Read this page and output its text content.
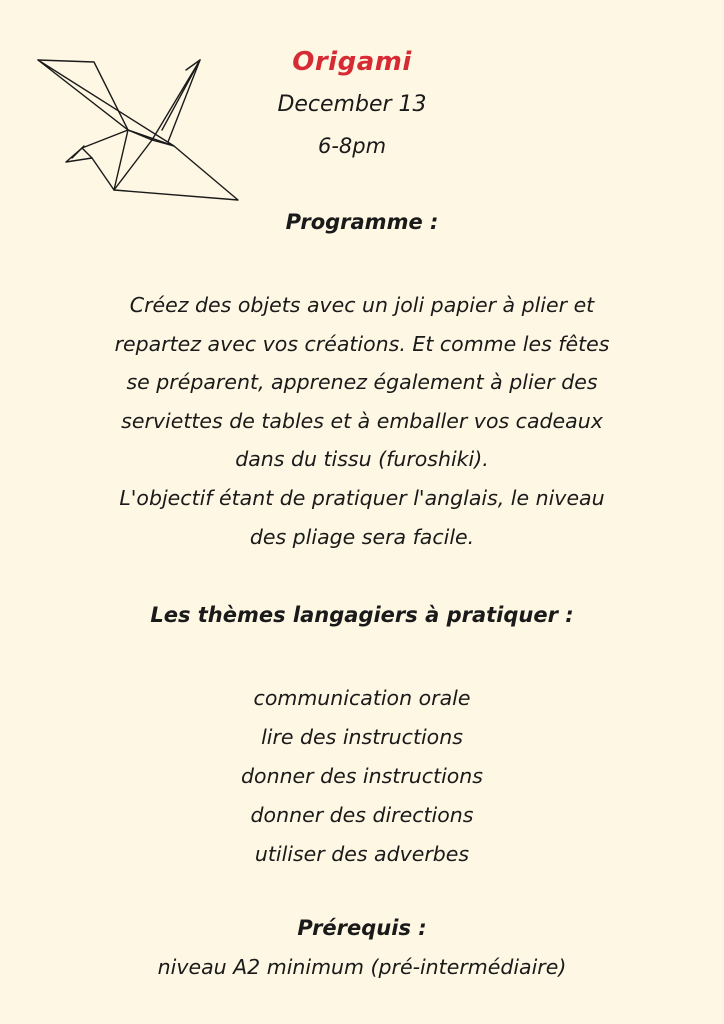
Origami
December 13
6-8pm
Programme :
Créez des objets avec un joli papier à plier et
repartez avec vos créations. Et comme les fêtes
se préparent, apprenez également à plier des
serviettes de tables et à emballer vos cadeaux
dans du tissu (furoshiki).
L'objectif étant de pratiquer l'anglais, le niveau
des pliage sera facile.
Les thèmes langagiers à pratiquer :
communication orale
lire des instructions
donner des instructions
donner des directions
utiliser des adverbes
Prérequis :
niveau A2 minimum (pré-intermédiaire)
